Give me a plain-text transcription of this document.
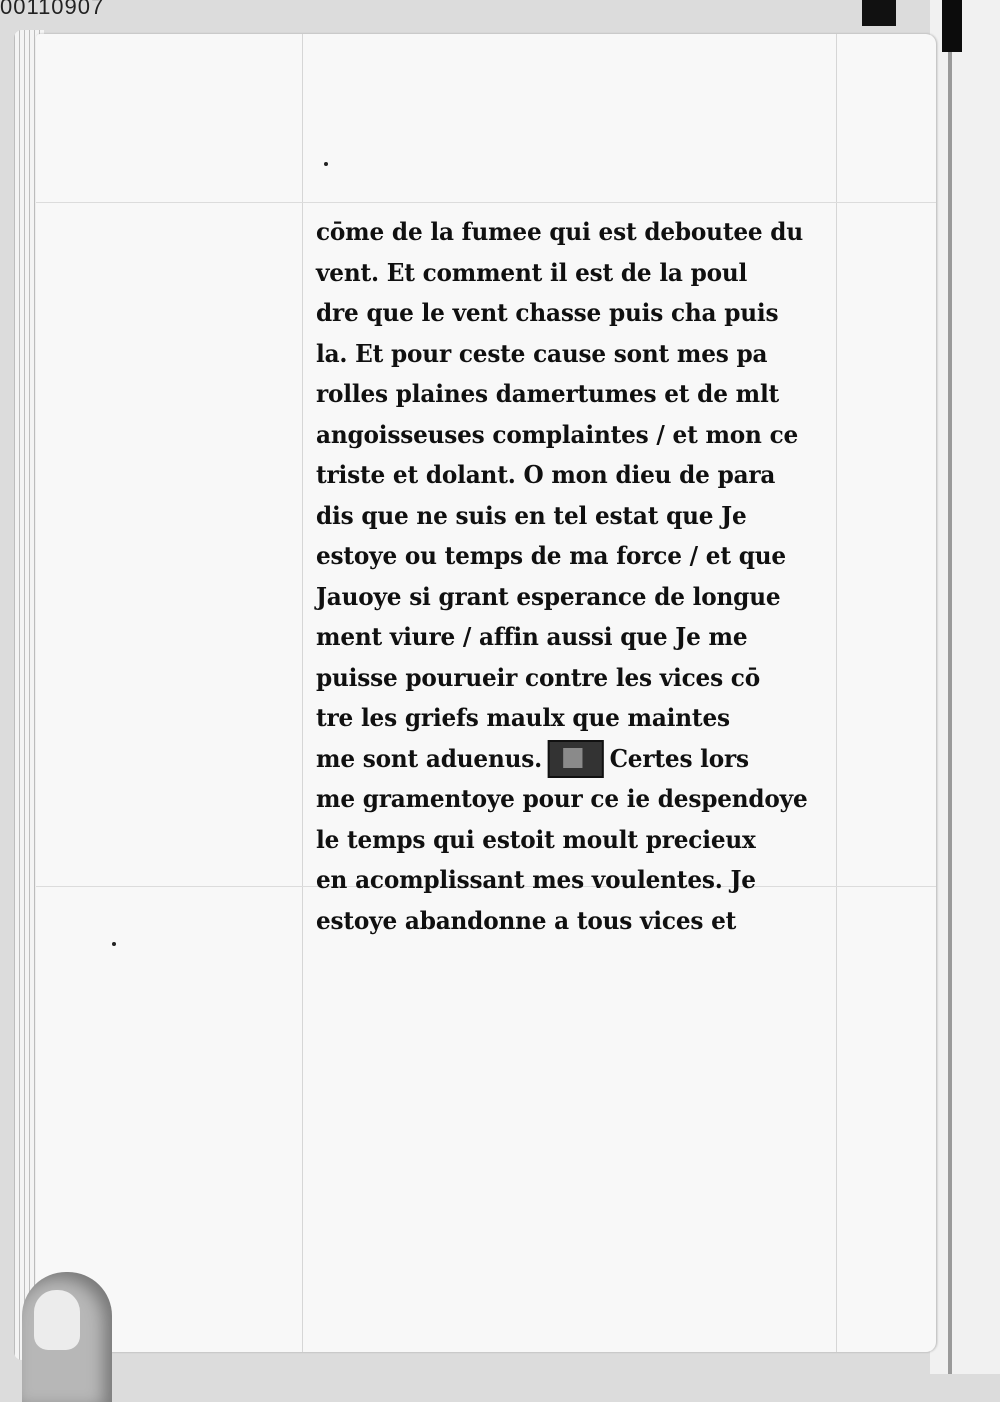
00110907
cōme de la fumee qui est deboutee du
vent. Et comment il est de la poul
dre que le vent chasse puis cha puis
la. Et pour ceste cause sont mes pa
rolles plaines damertumes et de mlt
angoisseuses complaintes / et mon ce
triste et dolant. O mon dieu de para
dis que ne suis en tel estat que Je
estoye ou temps de ma force / et que
Jauoye si grant esperance de longue
ment viure / affin aussi que Je me
puisse pourueir contre les vices cō
tre les griefs maulx que maintes
me sont aduenus.	Certes lors
me gramentoye pour ce ie despendoye
le temps qui estoit moult precieux
en acomplissant mes voulentes. Je
estoye abandonne a tous vices et
